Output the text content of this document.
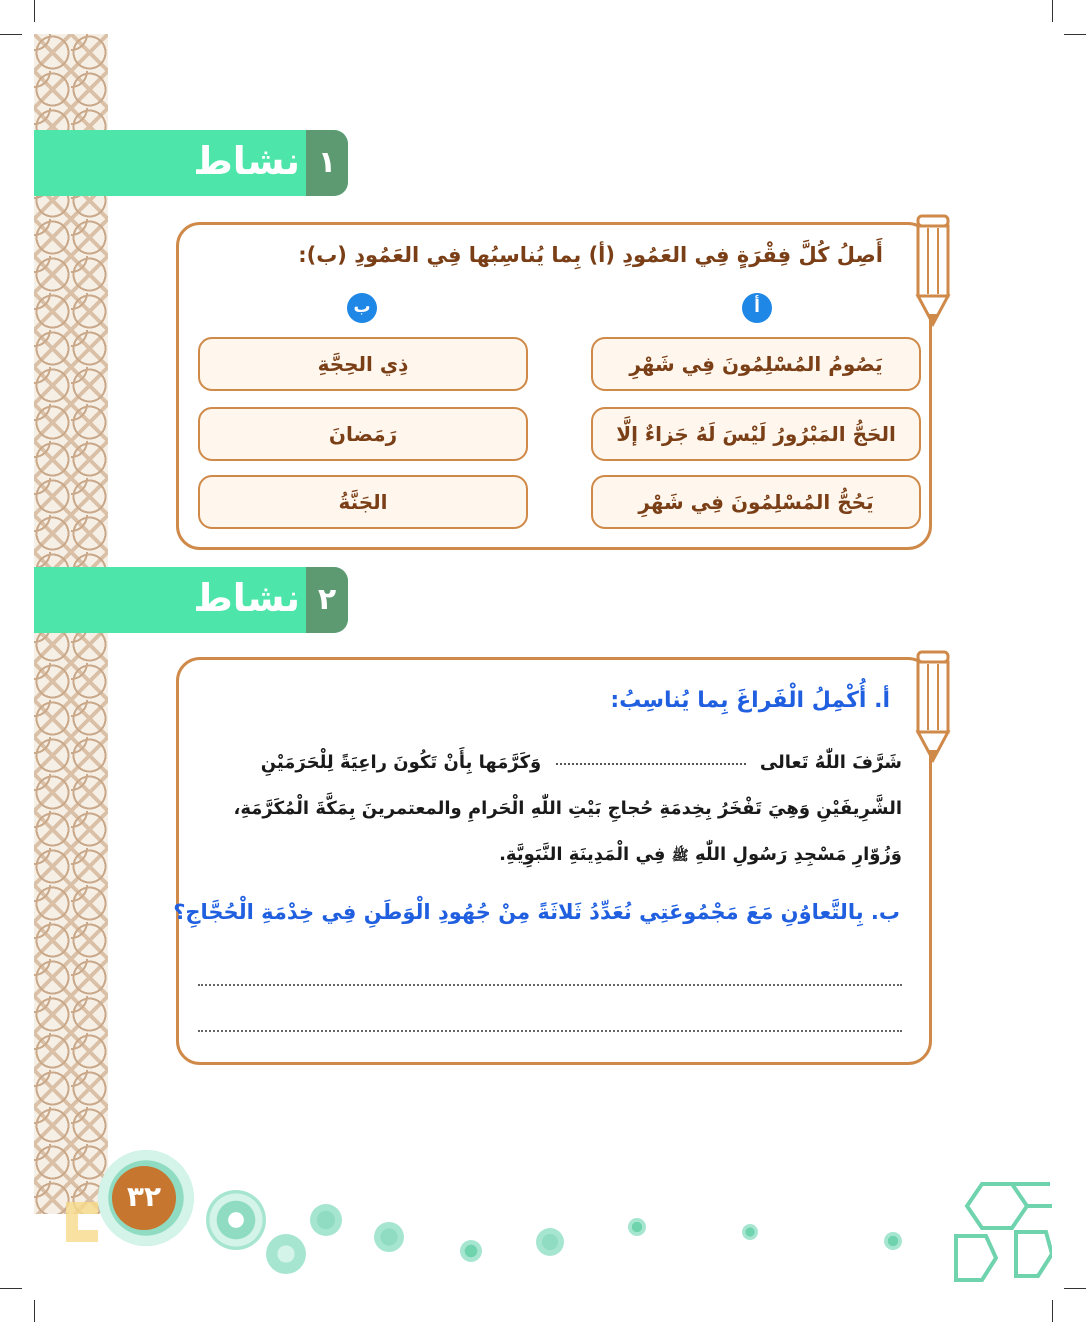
١
نشاط
أَصِلُ كُلَّ فِقْرَةٍ فِي العَمُودِ (أ) بِما يُناسِبُها فِي العَمُودِ (ب):
أ
ب
يَصُومُ المُسْلِمُونَ فِي شَهْرِ
الحَجُّ المَبْرُورُ لَيْسَ لَهُ جَزاءٌ إلَّا
يَحُجُّ المُسْلِمُونَ فِي شَهْرِ
ذِي الحِجَّةِ
رَمَضانَ
الجَنَّةُ
٢
نشاط
أ. أُكْمِلُ الْفَراغَ بِما يُناسِبُ:
شَرَّفَ اللّٰهُ تَعالى  وَكَرَّمَها بِأَنْ تَكُونَ راعِيَةً لِلْحَرَمَيْنِ
الشَّرِيفَيْنِ وَهِيَ تَفْخَرُ بِخِدمَةِ حُجاجِ بَيْتِ اللّٰهِ الْحَرامِ والمعتمرينَ بِمَكَّةَ الْمُكَرَّمَةِ،
وَزُوّارِ مَسْجِدِ رَسُولِ اللّٰهِ ﷺ فِي الْمَدِينَةِ النَّبَوِيَّةِ.
ب. بِالتَّعاوُنِ مَعَ مَجْمُوعَتِي نُعَدِّدُ ثَلاثَةً مِنْ جُهُودِ الْوَطَنِ فِي خِدْمَةِ الْحُجَّاجِ؟
٣٢
